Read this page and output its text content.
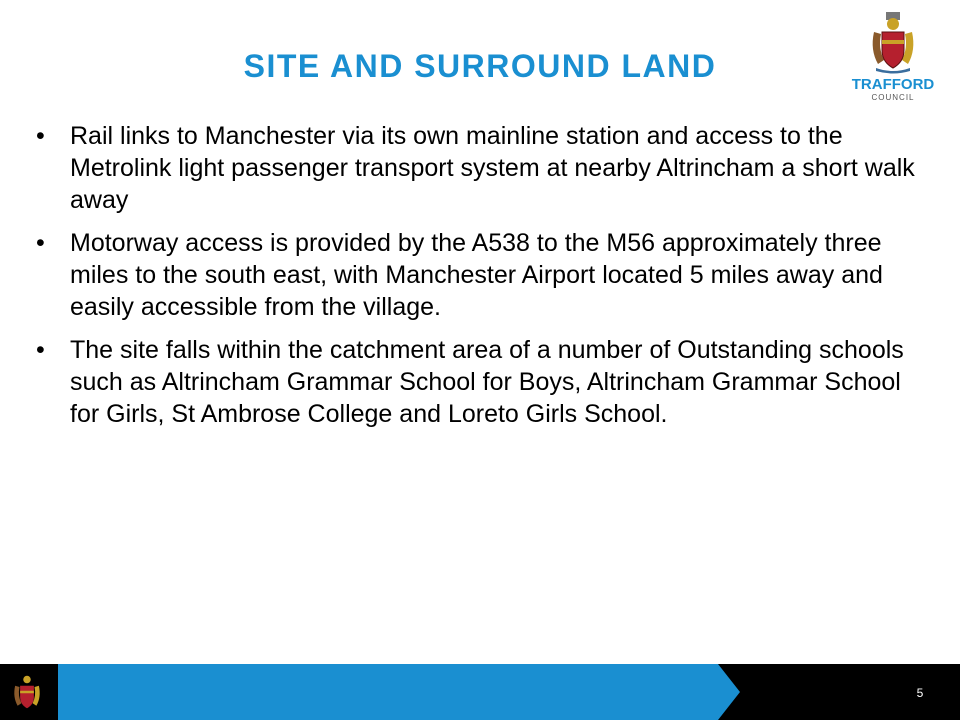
SITE AND SURROUND LAND
TRAFFORD
COUNCIL
•	Rail links to Manchester via its own mainline station and access to the Metrolink light passenger transport system at nearby Altrincham a short walk away
•	Motorway access is provided by the A538 to the M56 approximately three miles to the south east, with Manchester Airport located 5 miles away and easily accessible from the village.
•	The site falls within the catchment area of a number of Outstanding schools such as Altrincham Grammar School for Boys, Altrincham Grammar School for Girls, St Ambrose College and Loreto Girls School.
5
